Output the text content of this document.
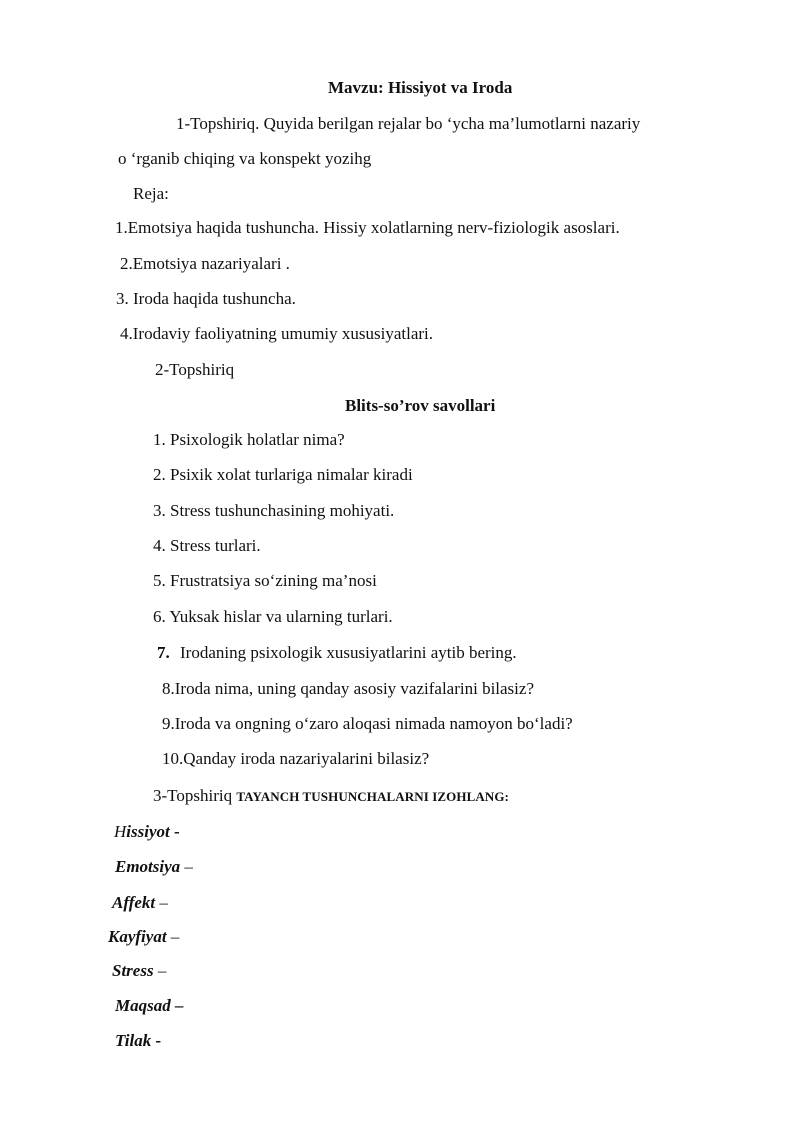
Mavzu: Hissiyot va Iroda
1-Topshiriq. Quyida berilgan rejalar bo ‘ycha ma’lumotlarni nazariy
o ‘rganib chiqing va konspekt yozihg
Reja:
1.Emotsiya haqida tushuncha. Hissiy xolatlarning nerv-fiziologik asoslari.
2.Emotsiya nazariyalari .
3. Iroda haqida tushuncha.
4.Irodaviy faoliyatning umumiy xususiyatlari.
2-Topshiriq
Blits-so’rov savollari
1. Psixologik holatlar nima?
2. Psixik xolat turlariga nimalar kiradi
3. Stress tushunchasining mohiyati.
4. Stress turlari.
5. Frustratsiya so‘zining ma’nosi
6. Yuksak hislar va ularning turlari.
7. Irodaning psixologik xususiyatlarini aytib bering.
8.Iroda nima, uning qanday asosiy vazifalarini bilasiz?
9.Iroda va ongning o‘zaro aloqasi nimada namoyon bo‘ladi?
10.Qanday iroda nazariyalarini bilasiz?
3-Topshiriq TAYANCH TUSHUNCHALARNI IZOHLANG:
Hissiyot -
Emotsiya –
Affekt –
Kayfiyat –
Stress –
Maqsad –
Tilak -
